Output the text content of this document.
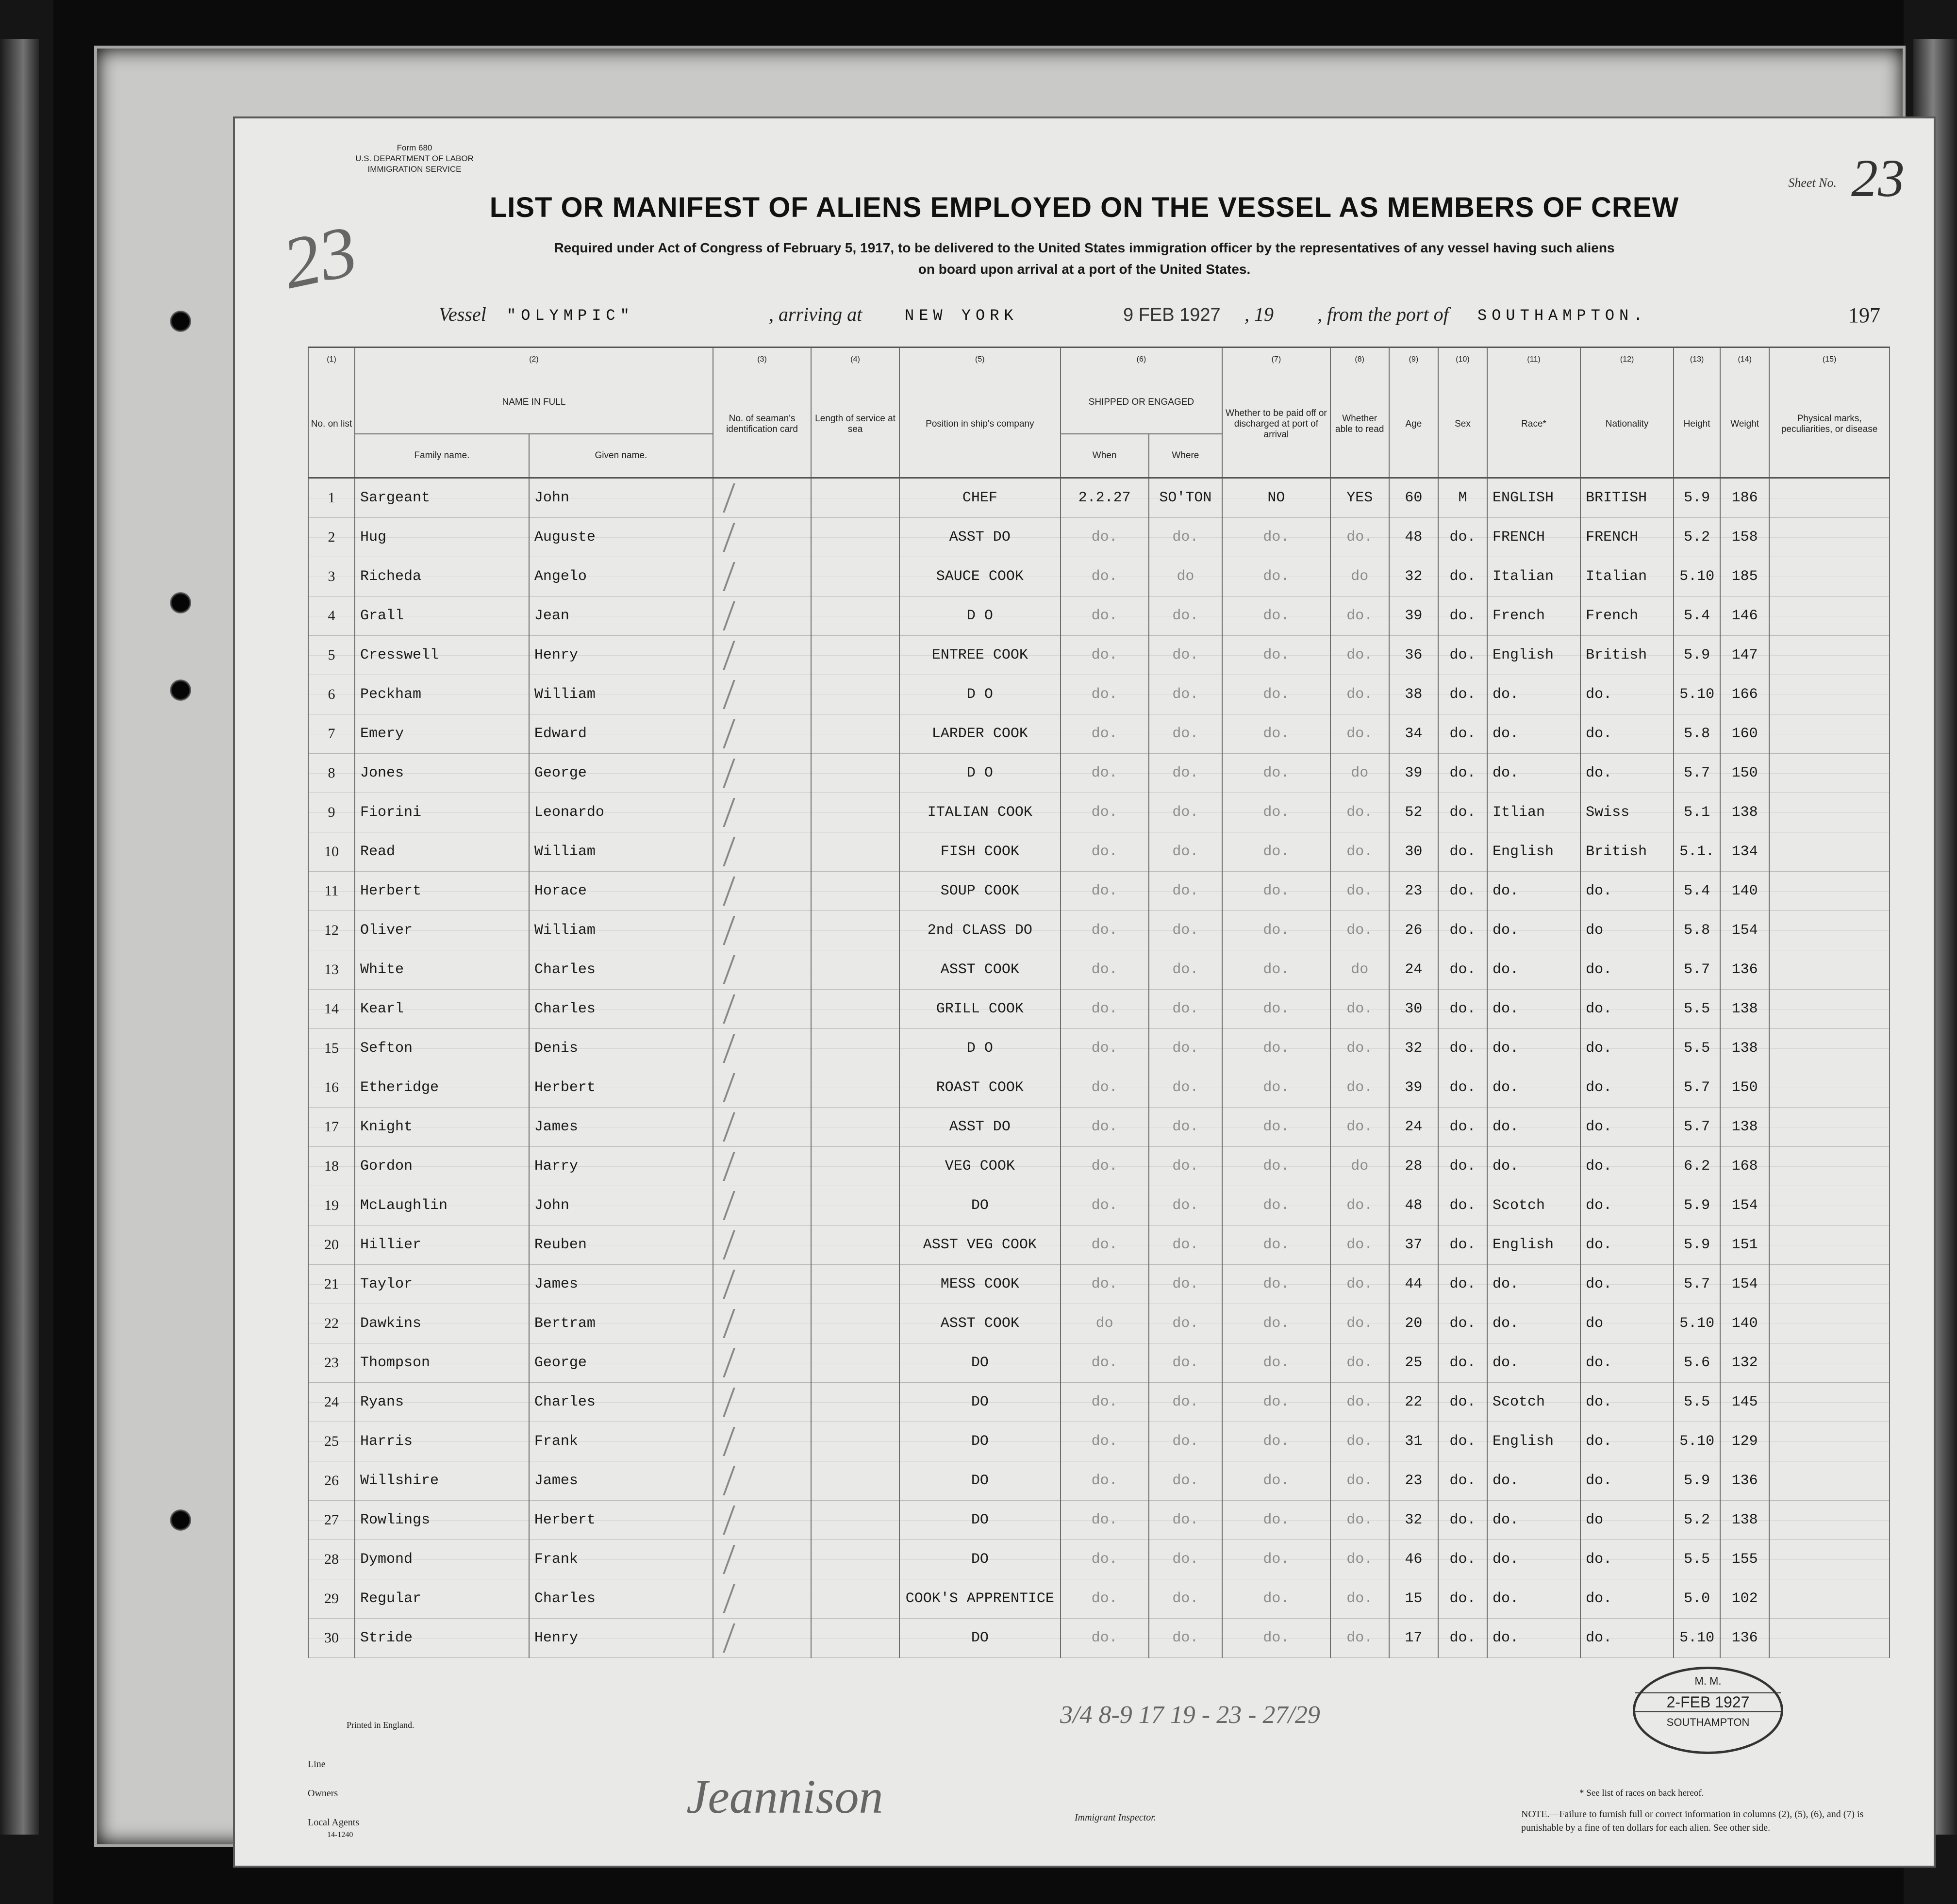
Form 680
U.S. DEPARTMENT OF LABOR
IMMIGRATION SERVICE
23
Sheet No. 23
LIST OR MANIFEST OF ALIENS EMPLOYED ON THE VESSEL AS MEMBERS OF CREW
Required under Act of Congress of February 5, 1917, to be delivered to the United States immigration officer by the representatives of any vessel having such aliens
on board upon arrival at a port of the United States.
Vessel "OLYMPIC"	, arriving at	NEW YORK	9 FEB 1927 , 19 , from the port of SOUTHAMPTON.	197
(1)	(2)		(3)	(4)	(5)	(6)		(7)	(8)	(9)	(10)	(11)	(12)	(13)	(14)	(15)
No. on list	NAME IN FULL		No. of seaman's identification card	Length of service at sea	Position in ship's company	SHIPPED OR ENGAGED		Whether to be paid off or discharged at port of arrival	Whether able to read	Age	Sex	Race*	Nationality	Height	Weight	Physical marks, peculiarities, or disease
	Family name.	Given name.				When	Where									
1	Sargeant	John			CHEF	2.2.27	SO'TON	NO	YES	60	M	ENGLISH	BRITISH	5.9	186	
2	Hug	Auguste			ASST DO	do.	do.	do.	do.	48	do.	FRENCH	FRENCH	5.2	158	
3	Richeda	Angelo			SAUCE COOK	do.	do	do.	do	32	do.	Italian	Italian	5.10	185	
4	Grall	Jean			D O	do.	do.	do.	do.	39	do.	French	French	5.4	146	
5	Cresswell	Henry			ENTREE COOK	do.	do.	do.	do.	36	do.	English	British	5.9	147	
6	Peckham	William			D O	do.	do.	do.	do.	38	do.	do.	do.	5.10	166	
7	Emery	Edward			LARDER COOK	do.	do.	do.	do.	34	do.	do.	do.	5.8	160	
8	Jones	George			D O	do.	do.	do.	do	39	do.	do.	do.	5.7	150	
9	Fiorini	Leonardo			ITALIAN COOK	do.	do.	do.	do.	52	do.	Itlian	Swiss	5.1	138	
10	Read	William			FISH COOK	do.	do.	do.	do.	30	do.	English	British	5.1.	134	
11	Herbert	Horace			SOUP COOK	do.	do.	do.	do.	23	do.	do.	do.	5.4	140	
12	Oliver	William			2nd CLASS DO	do.	do.	do.	do.	26	do.	do.	do	5.8	154	
13	White	Charles			ASST COOK	do.	do.	do.	do	24	do.	do.	do.	5.7	136	
14	Kearl	Charles			GRILL COOK	do.	do.	do.	do.	30	do.	do.	do.	5.5	138	
15	Sefton	Denis			D O	do.	do.	do.	do.	32	do.	do.	do.	5.5	138	
16	Etheridge	Herbert			ROAST COOK	do.	do.	do.	do.	39	do.	do.	do.	5.7	150	
17	Knight	James			ASST DO	do.	do.	do.	do.	24	do.	do.	do.	5.7	138	
18	Gordon	Harry			VEG COOK	do.	do.	do.	do	28	do.	do.	do.	6.2	168	
19	McLaughlin	John			DO	do.	do.	do.	do.	48	do.	Scotch	do.	5.9	154	
20	Hillier	Reuben			ASST VEG COOK	do.	do.	do.	do.	37	do.	English	do.	5.9	151	
21	Taylor	James			MESS COOK	do.	do.	do.	do.	44	do.	do.	do.	5.7	154	
22	Dawkins	Bertram			ASST COOK	do	do.	do.	do.	20	do.	do.	do	5.10	140	
23	Thompson	George			DO	do.	do.	do.	do.	25	do.	do.	do.	5.6	132	
24	Ryans	Charles			DO	do.	do.	do.	do.	22	do.	Scotch	do.	5.5	145	
25	Harris	Frank			DO	do.	do.	do.	do.	31	do.	English	do.	5.10	129	
26	Willshire	James			DO	do.	do.	do.	do.	23	do.	do.	do.	5.9	136	
27	Rowlings	Herbert			DO	do.	do.	do.	do.	32	do.	do.	do	5.2	138	
28	Dymond	Frank			DO	do.	do.	do.	do.	46	do.	do.	do.	5.5	155	
29	Regular	Charles			COOK'S APPRENTICE	do.	do.	do.	do.	15	do.	do.	do.	5.0	102	
30	Stride	Henry			DO	do.	do.	do.	do.	17	do.	do.	do.	5.10	136	
Printed in England.
Line
Owners
Local Agents
14-1240
Immigrant Inspector.
* See list of races on back hereof.
NOTE.—Failure to furnish full or correct information in columns (2), (5), (6), and (7) is punishable by a fine of ten dollars for each alien. See other side.
Jeannison
3/4 8-9 17 19 - 23 - 27/29
M. M.
2-FEB 1927
SOUTHAMPTON
